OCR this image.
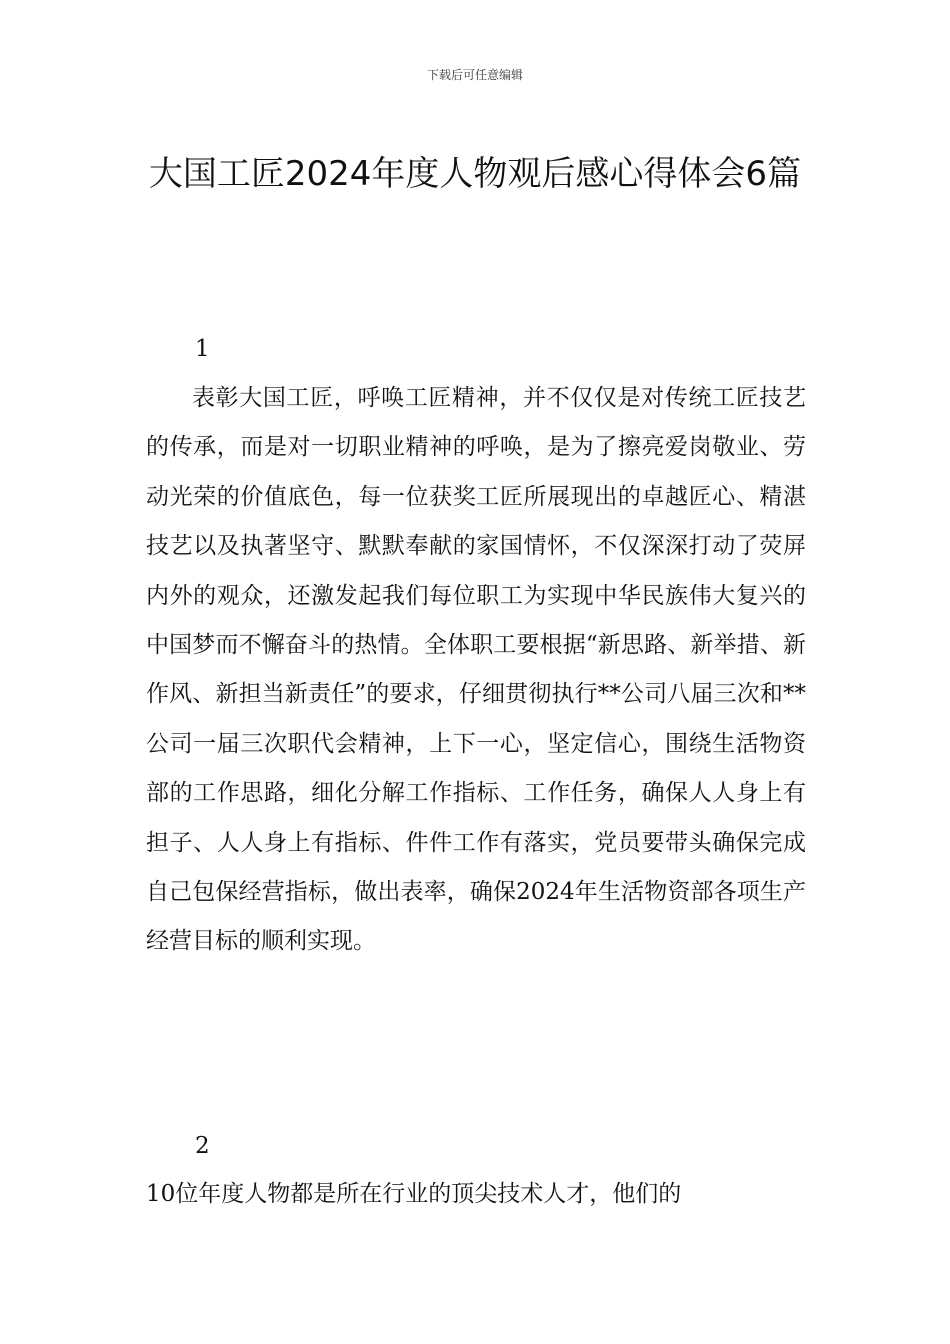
下载后可任意编辑
大国工匠2024年度人物观后感心得体会6篇
1

表彰大国工匠，呼唤工匠精神，并不仅仅是对传统工匠技艺的传承，而是对一切职业精神的呼唤，是为了擦亮爱岗敬业、劳动光荣的价值底色，每一位获奖工匠所展现出的卓越匠心、精湛技艺以及执著坚守、默默奉献的家国情怀，不仅深深打动了荧屏内外的观众，还激发起我们每位职工为实现中华民族伟大复兴的中国梦而不懈奋斗的热情。全体职工要根据“新思路、新举措、新作风、新担当新责任”的要求，仔细贯彻执行**公司八届三次和**公司一届三次职代会精神，上下一心，坚定信心，围绕生活物资部的工作思路，细化分解工作指标、工作任务，确保人人身上有担子、人人身上有指标、件件工作有落实，党员要带头确保完成自己包保经营指标，做出表率，确保2024年生活物资部各项生产经营目标的顺利实现。

2

10位年度人物都是所在行业的顶尖技术人才，他们的
